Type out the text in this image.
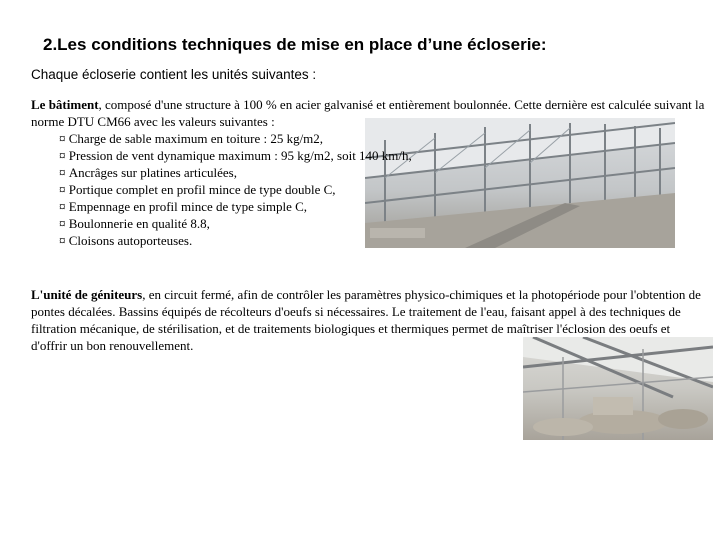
2.Les conditions techniques de mise en place d’une écloserie:
Chaque écloserie contient les unités suivantes :

Le bâtiment, composé d'une structure à 100 % en acier galvanisé et entièrement boulonnée. Cette dernière est calculée suivant la norme DTU CM66 avec les valeurs suivantes :

¤ Charge de sable maximum en toiture : 25 kg/m2,
¤ Pression de vent dynamique maximum : 95 kg/m2, soit 140 km/h,
¤ Ancrâges sur platines articulées,
¤ Portique complet en profil mince de type double C,
¤ Empennage en profil mince de type simple C,
¤ Boulonnerie en qualité 8.8,
¤ Cloisons autoporteuses.

L'unité de géniteurs, en circuit fermé, afin de contrôler les paramètres physico-chimiques et la photopériode pour l'obtention de pontes décalées. Bassins équipés de récolteurs d'oeufs si nécessaires. Le traitement de l'eau, faisant appel à des techniques de filtration mécanique, de stérilisation, et de traitements biologiques et thermiques permet de maîtriser l'éclosion des oeufs et d'offrir un bon renouvellement.
